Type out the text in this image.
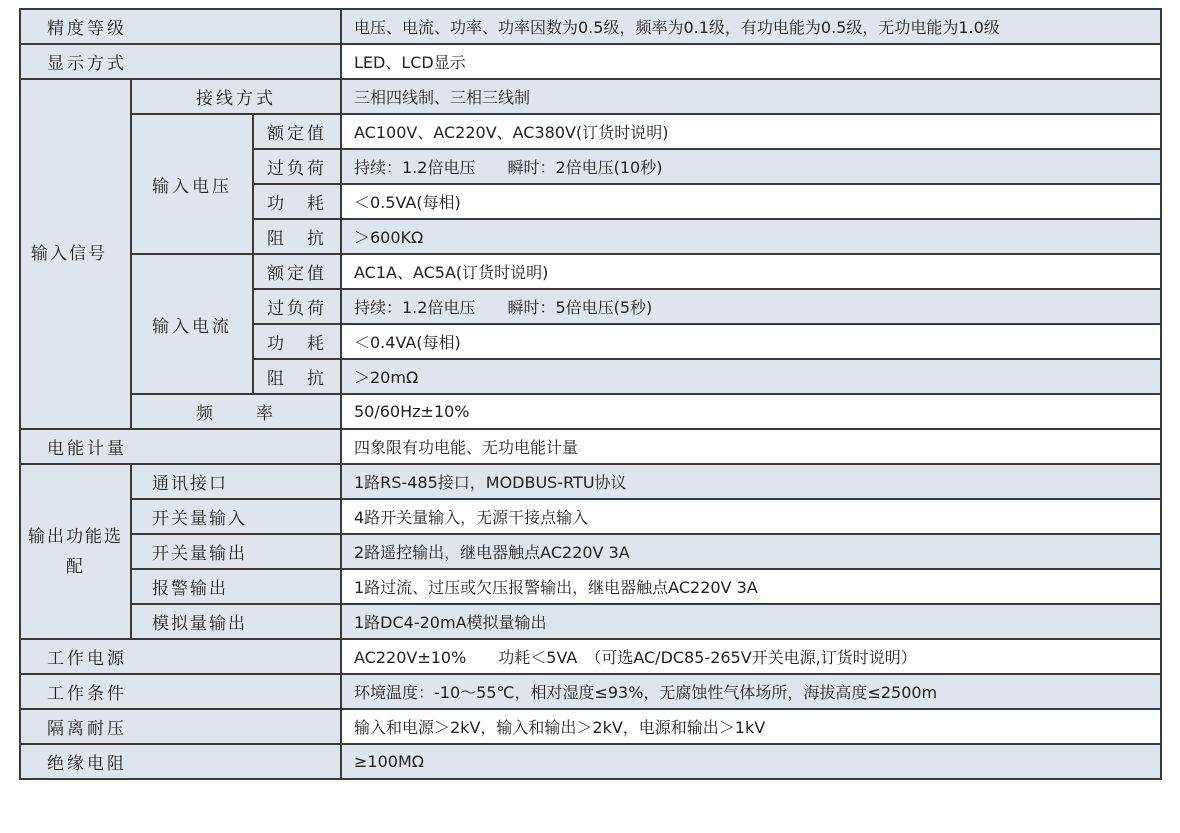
精度等级			电压、电流、功率、功率因数为0.5级，频率为0.1级，有功电能为0.5级，无功电能为1.0级
显示方式			LED、LCD显示
输入信号	接线方式		三相四线制、三相三线制
	输入电压	额定值	AC100V、AC220V、AC380V(订货时说明)
		过负荷	持续：1.2倍电压　　瞬时：2倍电压(10秒)
		功　耗	＜0.5VA(每相)
		阻　抗	＞600KΩ
	输入电流	额定值	AC1A、AC5A(订货时说明)
		过负荷	持续：1.2倍电压　　瞬时：5倍电压(5秒)
		功　耗	＜0.4VA(每相)
		阻　抗	＞20mΩ
	频　　率		50/60Hz±10%
电能计量			四象限有功电能、无功电能计量
输出功能选配	通讯接口		1路RS-485接口，MODBUS-RTU协议
	开关量输入		4路开关量输入，无源干接点输入
	开关量输出		2路遥控输出，继电器触点AC220V 3A
	报警输出		1路过流、过压或欠压报警输出，继电器触点AC220V 3A
	模拟量输出		1路DC4-20mA模拟量输出
工作电源			AC220V±10%　　功耗＜5VA　（可选AC/DC85-265V开关电源,订货时说明）
工作条件			环境温度：-10～55℃，相对湿度≤93%，无腐蚀性气体场所，海拔高度≤2500m
隔离耐压			输入和电源＞2kV，输入和输出＞2kV，电源和输出＞1kV
绝缘电阻			≥100MΩ
